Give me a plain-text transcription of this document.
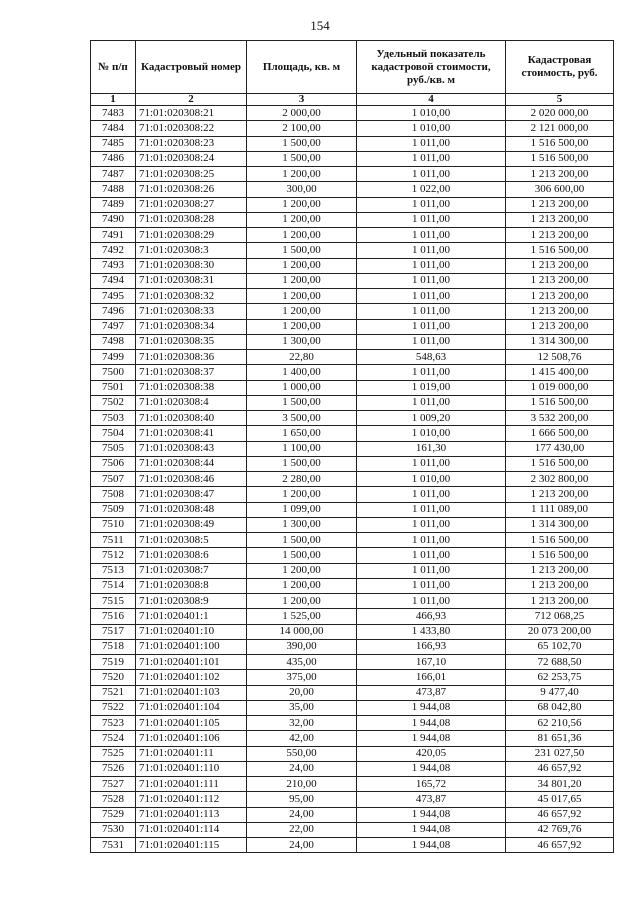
154
№ п/п	Кадастровый номер	Площадь, кв. м	Удельный показатель кадастровой стоимости, руб./кв. м	Кадастровая стоимость, руб.
1	2	3	4	5
7483	71:01:020308:21	2 000,00	1 010,00	2 020 000,00
7484	71:01:020308:22	2 100,00	1 010,00	2 121 000,00
7485	71:01:020308:23	1 500,00	1 011,00	1 516 500,00
7486	71:01:020308:24	1 500,00	1 011,00	1 516 500,00
7487	71:01:020308:25	1 200,00	1 011,00	1 213 200,00
7488	71:01:020308:26	300,00	1 022,00	306 600,00
7489	71:01:020308:27	1 200,00	1 011,00	1 213 200,00
7490	71:01:020308:28	1 200,00	1 011,00	1 213 200,00
7491	71:01:020308:29	1 200,00	1 011,00	1 213 200,00
7492	71:01:020308:3	1 500,00	1 011,00	1 516 500,00
7493	71:01:020308:30	1 200,00	1 011,00	1 213 200,00
7494	71:01:020308:31	1 200,00	1 011,00	1 213 200,00
7495	71:01:020308:32	1 200,00	1 011,00	1 213 200,00
7496	71:01:020308:33	1 200,00	1 011,00	1 213 200,00
7497	71:01:020308:34	1 200,00	1 011,00	1 213 200,00
7498	71:01:020308:35	1 300,00	1 011,00	1 314 300,00
7499	71:01:020308:36	22,80	548,63	12 508,76
7500	71:01:020308:37	1 400,00	1 011,00	1 415 400,00
7501	71:01:020308:38	1 000,00	1 019,00	1 019 000,00
7502	71:01:020308:4	1 500,00	1 011,00	1 516 500,00
7503	71:01:020308:40	3 500,00	1 009,20	3 532 200,00
7504	71:01:020308:41	1 650,00	1 010,00	1 666 500,00
7505	71:01:020308:43	1 100,00	161,30	177 430,00
7506	71:01:020308:44	1 500,00	1 011,00	1 516 500,00
7507	71:01:020308:46	2 280,00	1 010,00	2 302 800,00
7508	71:01:020308:47	1 200,00	1 011,00	1 213 200,00
7509	71:01:020308:48	1 099,00	1 011,00	1 111 089,00
7510	71:01:020308:49	1 300,00	1 011,00	1 314 300,00
7511	71:01:020308:5	1 500,00	1 011,00	1 516 500,00
7512	71:01:020308:6	1 500,00	1 011,00	1 516 500,00
7513	71:01:020308:7	1 200,00	1 011,00	1 213 200,00
7514	71:01:020308:8	1 200,00	1 011,00	1 213 200,00
7515	71:01:020308:9	1 200,00	1 011,00	1 213 200,00
7516	71:01:020401:1	1 525,00	466,93	712 068,25
7517	71:01:020401:10	14 000,00	1 433,80	20 073 200,00
7518	71:01:020401:100	390,00	166,93	65 102,70
7519	71:01:020401:101	435,00	167,10	72 688,50
7520	71:01:020401:102	375,00	166,01	62 253,75
7521	71:01:020401:103	20,00	473,87	9 477,40
7522	71:01:020401:104	35,00	1 944,08	68 042,80
7523	71:01:020401:105	32,00	1 944,08	62 210,56
7524	71:01:020401:106	42,00	1 944,08	81 651,36
7525	71:01:020401:11	550,00	420,05	231 027,50
7526	71:01:020401:110	24,00	1 944,08	46 657,92
7527	71:01:020401:111	210,00	165,72	34 801,20
7528	71:01:020401:112	95,00	473,87	45 017,65
7529	71:01:020401:113	24,00	1 944,08	46 657,92
7530	71:01:020401:114	22,00	1 944,08	42 769,76
7531	71:01:020401:115	24,00	1 944,08	46 657,92
